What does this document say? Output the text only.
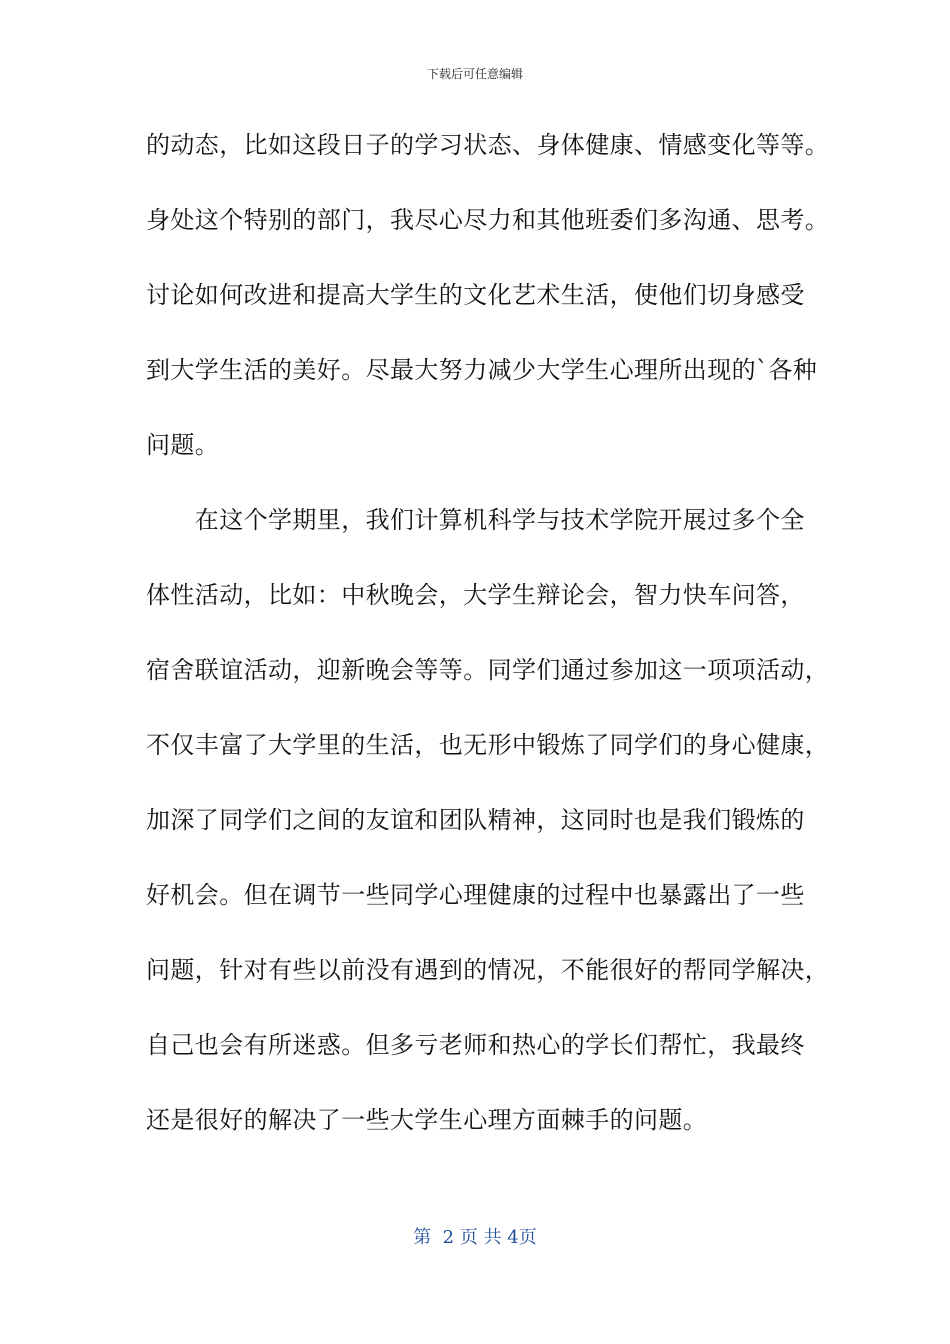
下载后可任意编辑
的动态，比如这段日子的学习状态、身体健康、情感变化等等。
身处这个特别的部门，我尽心尽力和其他班委们多沟通、思考。
讨论如何改进和提高大学生的文化艺术生活，使他们切身感受
到大学生活的美好。尽最大努力减少大学生心理所出现的`各种
问题。
　　在这个学期里，我们计算机科学与技术学院开展过多个全
体性活动，比如：中秋晚会，大学生辩论会，智力快车问答，
宿舍联谊活动，迎新晚会等等。同学们通过参加这一项项活动，
不仅丰富了大学里的生活，也无形中锻炼了同学们的身心健康，
加深了同学们之间的友谊和团队精神，这同时也是我们锻炼的
好机会。但在调节一些同学心理健康的过程中也暴露出了一些
问题，针对有些以前没有遇到的情况，不能很好的帮同学解决，
自己也会有所迷惑。但多亏老师和热心的学长们帮忙，我最终
还是很好的解决了一些大学生心理方面棘手的问题。
第  2 页 共 4页
